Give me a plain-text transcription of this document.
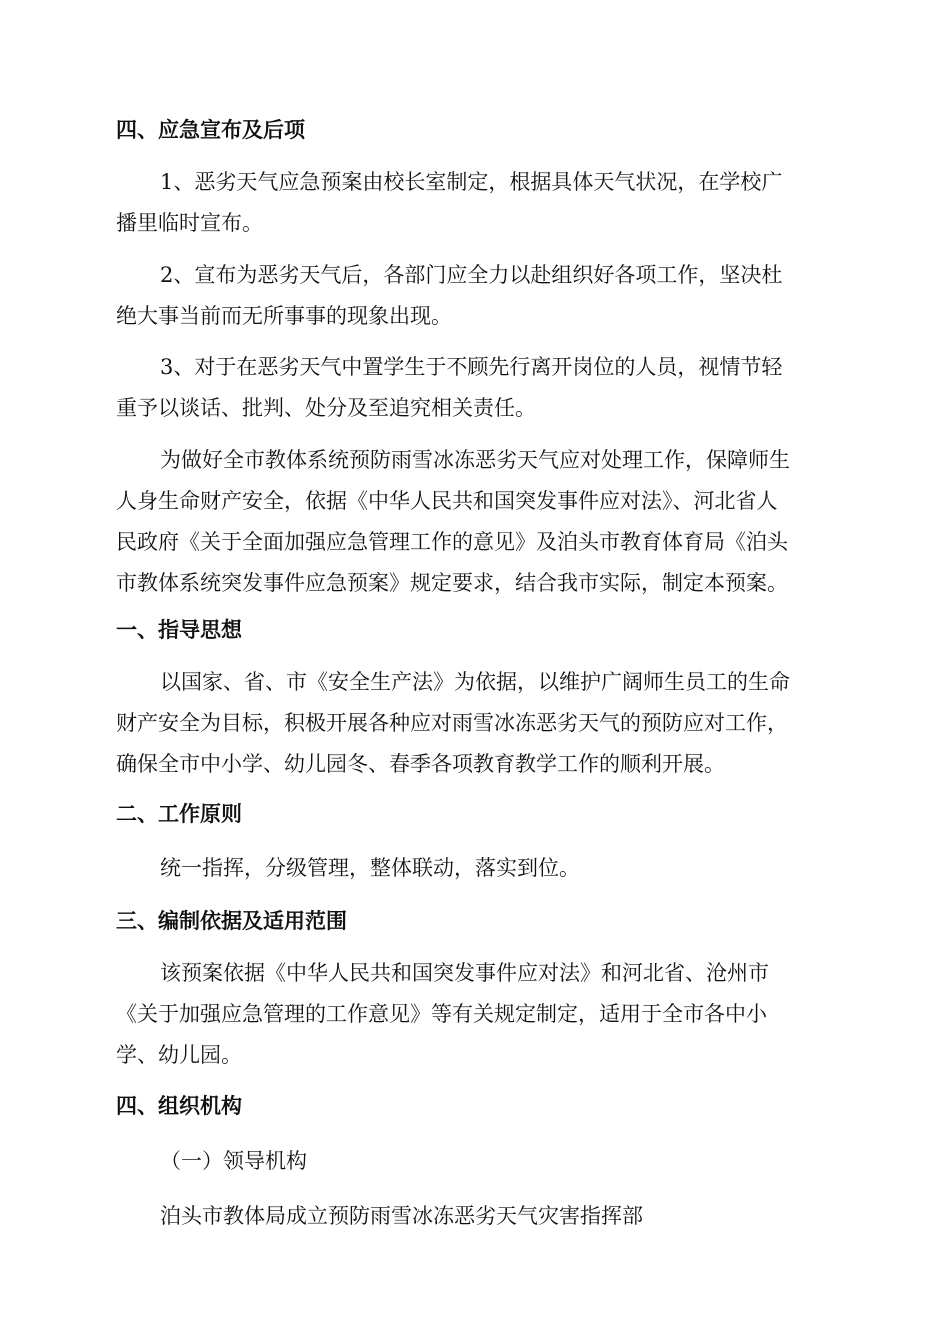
四、应急宣布及后项
1、恶劣天气应急预案由校长室制定，根据具体天气状况，在学校广
播里临时宣布。
2、宣布为恶劣天气后，各部门应全力以赴组织好各项工作，坚决杜
绝大事当前而无所事事的现象出现。
3、对于在恶劣天气中置学生于不顾先行离开岗位的人员，视情节轻
重予以谈话、批判、处分及至追究相关责任。
为做好全市教体系统预防雨雪冰冻恶劣天气应对处理工作，保障师生
人身生命财产安全，依据《中华人民共和国突发事件应对法》、河北省人
民政府《关于全面加强应急管理工作的意见》及泊头市教育体育局《泊头
市教体系统突发事件应急预案》规定要求，结合我市实际，制定本预案。
一、指导思想
以国家、省、市《安全生产法》为依据，以维护广阔师生员工的生命
财产安全为目标，积极开展各种应对雨雪冰冻恶劣天气的预防应对工作，
确保全市中小学、幼儿园冬、春季各项教育教学工作的顺利开展。
二、工作原则

统一指挥，分级管理，整体联动，落实到位。

三、编制依据及适用范围
该预案依据《中华人民共和国突发事件应对法》和河北省、沧州市
《关于加强应急管理的工作意见》等有关规定制定，适用于全市各中小
学、幼儿园。
四、组织机构

（一）领导机构

泊头市教体局成立预防雨雪冰冻恶劣天气灾害指挥部
